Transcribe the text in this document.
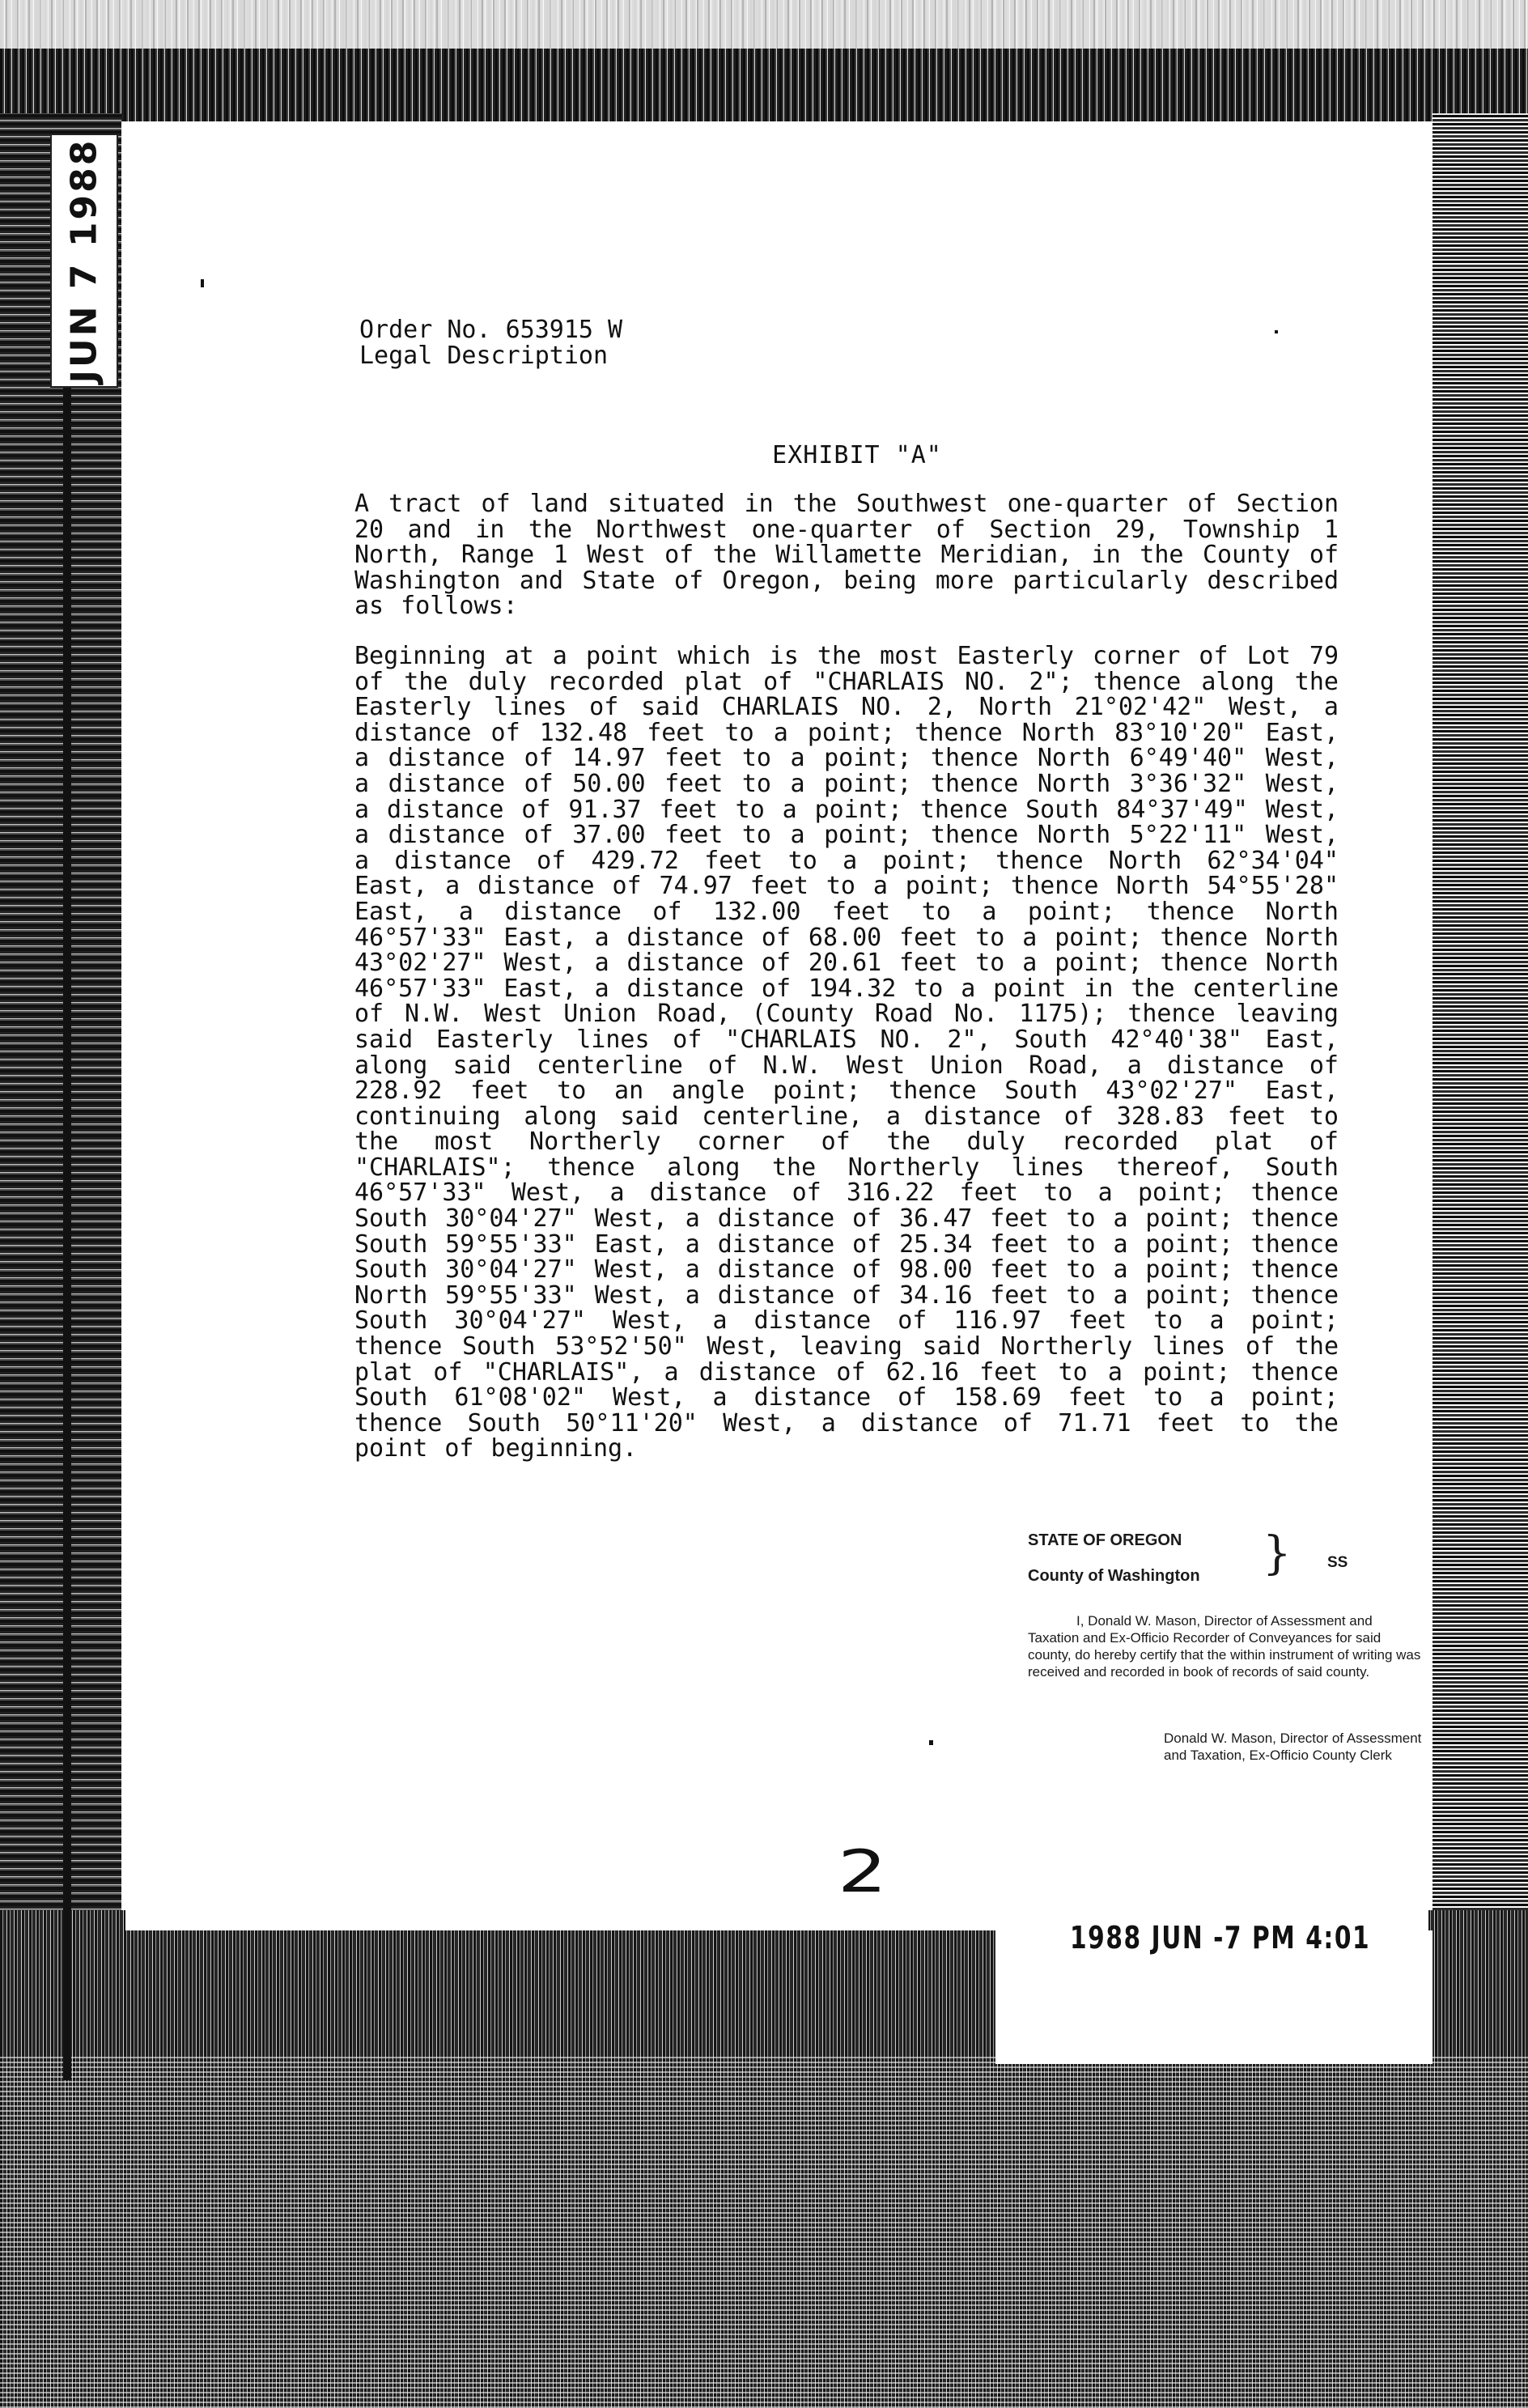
JUN 7 1988	Order No. 653915 W
Legal Description
EXHIBIT "A"
A tract of land situated in the Southwest one-quarter of Section 20 and in the Northwest one-quarter of Section 29, Township 1 North, Range 1 West of the Willamette Meridian, in the County of Washington and State of Oregon, being more particularly described as follows:
Beginning at a point which is the most Easterly corner of Lot 79 of the duly recorded plat of "CHARLAIS NO. 2"; thence along the Easterly lines of said CHARLAIS NO. 2, North 21°02'42" West, a distance of 132.48 feet to a point; thence North 83°10'20" East, a distance of 14.97 feet to a point; thence North 6°49'40" West, a distance of 50.00 feet to a point; thence North 3°36'32" West, a distance of 91.37 feet to a point; thence South 84°37'49" West, a distance of 37.00 feet to a point; thence North 5°22'11" West, a distance of 429.72 feet to a point; thence North 62°34'04" East, a distance of 74.97 feet to a point; thence North 54°55'28" East, a distance of 132.00 feet to a point; thence North 46°57'33" East, a distance of 68.00 feet to a point; thence North 43°02'27" West, a distance of 20.61 feet to a point; thence North 46°57'33" East, a distance of 194.32 to a point in the centerline of N.W. West Union Road, (County Road No. 1175); thence leaving said Easterly lines of "CHARLAIS NO. 2", South 42°40'38" East, along said centerline of N.W. West Union Road, a distance of 228.92 feet to an angle point; thence South 43°02'27" East, continuing along said centerline, a distance of 328.83 feet to the most Northerly corner of the duly recorded plat of "CHARLAIS"; thence along the Northerly lines thereof, South 46°57'33" West, a distance of 316.22 feet to a point; thence South 30°04'27" West, a distance of 36.47 feet to a point; thence South 59°55'33" East, a distance of 25.34 feet to a point; thence South 30°04'27" West, a distance of 98.00 feet to a point; thence North 59°55'33" West, a distance of 34.16 feet to a point; thence South 30°04'27" West, a distance of 116.97 feet to a point; thence South 53°52'50" West, leaving said Northerly lines of the plat of "CHARLAIS", a distance of 62.16 feet to a point; thence South 61°08'02" West, a distance of 158.69 feet to a point; thence South 50°11'20" West, a distance of 71.71 feet to the point of beginning.
STATE OF OREGON
County of Washington } SS
I, Donald W. Mason, Director of Assessment and Taxation and Ex-Officio Recorder of Conveyances for said county, do hereby certify that the within instrument of writing was received and recorded in book of records of said county.
Donald W. Mason, Director of Assessment and Taxation, Ex-Officio County Clerk
2
1988 JUN -7 PM 4:01
